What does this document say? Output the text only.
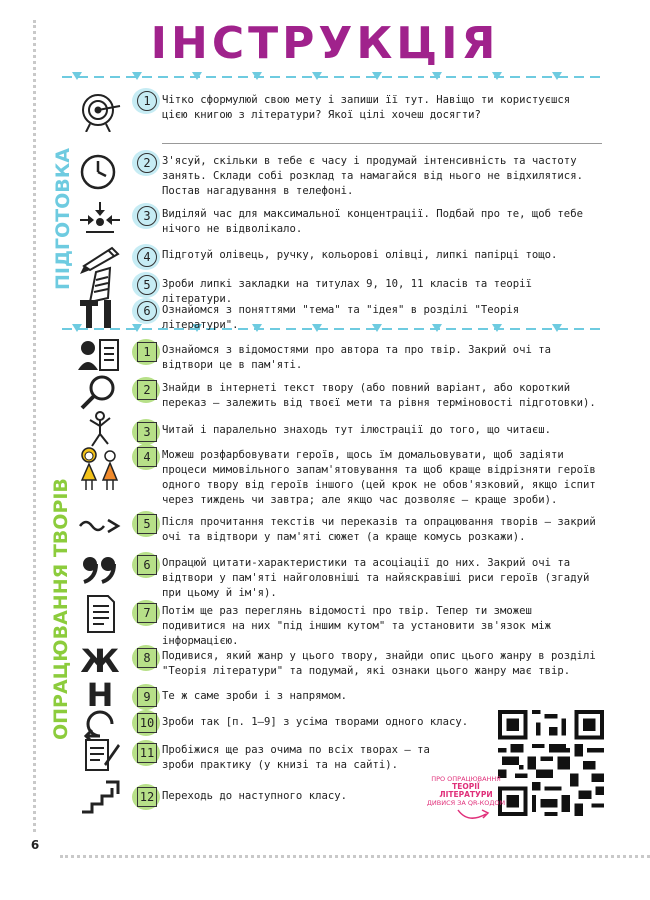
6
ІНСТРУКЦІЯ
ПІДГОТОВКА
ОПРАЦЮВАННЯ ТВОРІВ
1	Чітко сформулюй свою мету і запиши її тут. Навіщо ти користуєшся цією книгою з літератури? Якої цілі хочеш досягти?
2	З'ясуй, скільки в тебе є часу і продумай інтенсивність та частоту занять. Склади собі розклад та намагайся від нього не відхилятися. Постав нагадування в телефоні.
3	Виділяй час для максимальної концентрації. Подбай про те, щоб тебе нічого не відволікало.
4	Підготуй олівець, ручку, кольорові олівці, липкі папірці тощо.
5	Зроби липкі закладки на титулах 9, 10, 11 класів та теорії літератури.
6	Ознайомся з поняттями "тема" та "ідея" в розділі "Теорія літератури".
1	Ознайомся з відомостями про автора та про твір. Закрий очі та відтвори це в пам'яті.
2	Знайди в інтернеті текст твору (або повний варіант, або короткий переказ — залежить від твоєї мети та рівня терміновості підготовки).
3	Читай і паралельно знаходь тут ілюстрації до того, що читаєш.
4	Можеш розфарбовувати героїв, щось їм домальовувати, щоб задіяти процеси мимовільного запам'ятовування та щоб краще відрізняти героїв одного твору від героїв іншого (цей крок не обов'язковий, якщо іспит через тиждень чи завтра; але якщо час дозволяє — краще зроби).
5	Після прочитання текстів чи переказів та опрацювання творів — закрий очі та відтвори у пам'яті сюжет (а краще комусь розкажи).
6	Опрацюй цитати-характеристики та асоціації до них. Закрий очі та відтвори у пам'яті найголовніші та найяскравіші риси героїв (згадуй при цьому й ім'я).
7	Потім ще раз переглянь відомості про твір. Тепер ти зможеш подивитися на них "під іншим кутом" та установити зв'язок між інформацією.
Ж	8	Подивися, який жанр у цього твору, знайди опис цього жанру в розділі "Теорія літератури" та подумай, які ознаки цього жанру має твір.
Н	9	Те ж саме зроби і з напрямом.
10 Зроби так [п. 1–9] з усіма творами одного класу.
11 Пробіжися ще раз очима по всіх творах — та зроби практику (у книзі та на сайті).
12 Переходь до наступного класу.
ПРО ОПРАЦЮВАННЯ
ТЕОРІЇ ЛІТЕРАТУРИ
ДИВИСЯ ЗА QR-КОДОМ
